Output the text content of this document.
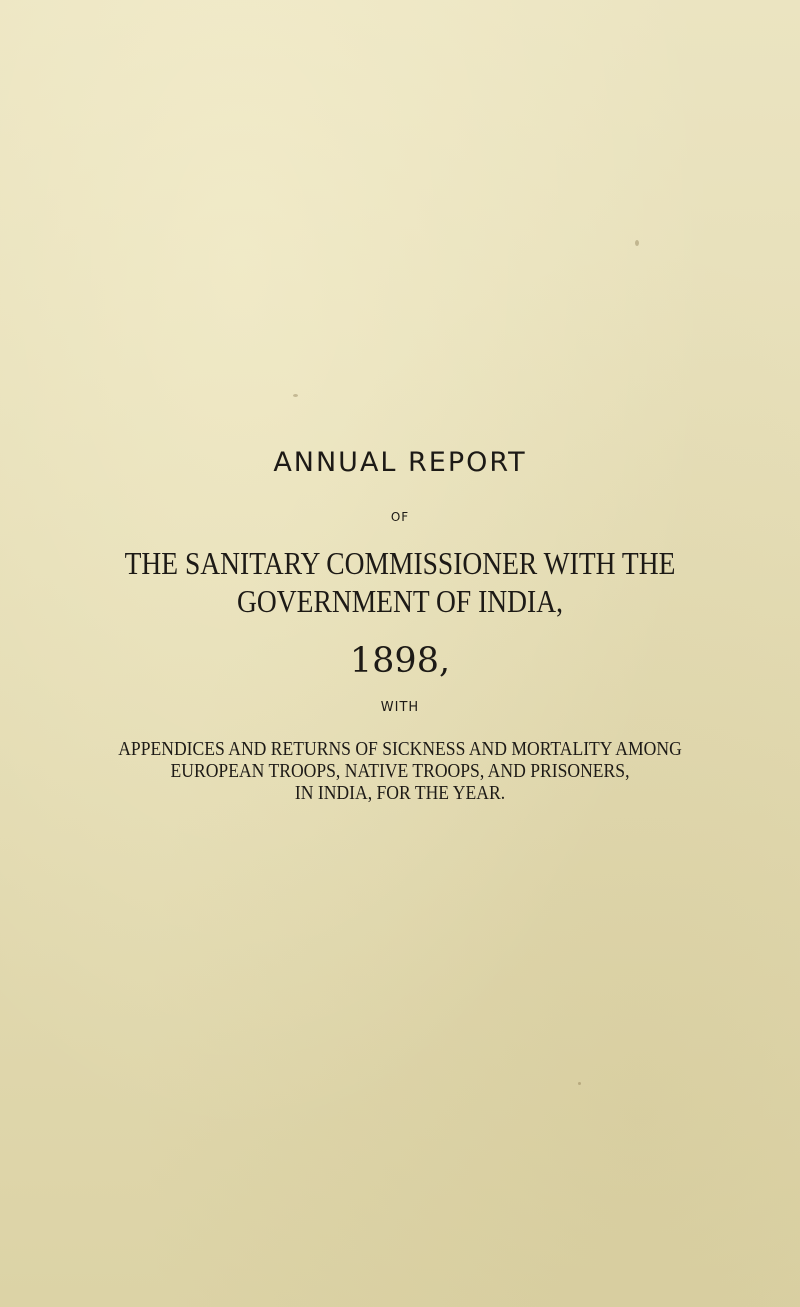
ANNUAL REPORT
OF
THE SANITARY COMMISSIONER WITH THE
GOVERNMENT OF INDIA,
1898,
WITH
APPENDICES AND RETURNS OF SICKNESS AND MORTALITY AMONG
EUROPEAN TROOPS, NATIVE TROOPS, AND PRISONERS,
IN INDIA, FOR THE YEAR.
